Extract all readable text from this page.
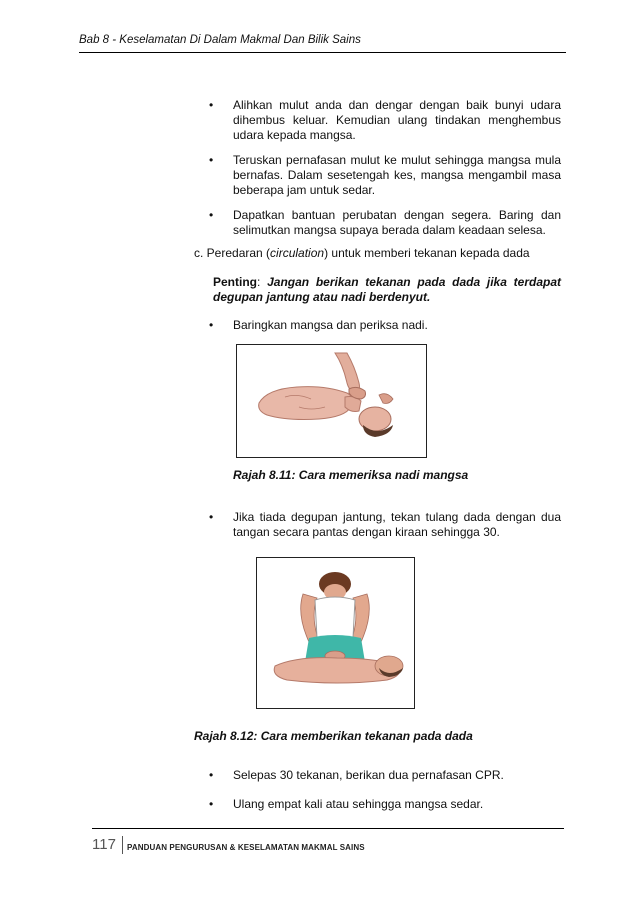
Bab 8 - Keselamatan Di Dalam Makmal Dan Bilik Sains
• Alihkan mulut anda dan dengar dengan baik bunyi udara dihembus keluar. Kemudian ulang tindakan menghembus udara kepada mangsa.
• Teruskan pernafasan mulut ke mulut sehingga mangsa mula bernafas. Dalam sesetengah kes, mangsa mengambil masa beberapa jam untuk sedar.
• Dapatkan bantuan perubatan dengan segera. Baring dan selimutkan mangsa supaya berada dalam keadaan selesa.
c. Peredaran (circulation) untuk memberi tekanan kepada dada
Penting: Jangan berikan tekanan pada dada jika terdapat degupan jantung atau nadi berdenyut.
• Baringkan mangsa dan periksa nadi.
Rajah 8.11: Cara memeriksa nadi mangsa
• Jika tiada degupan jantung, tekan tulang dada dengan dua tangan secara pantas dengan kiraan sehingga 30.
Rajah 8.12: Cara memberikan tekanan pada dada
• Selepas 30 tekanan, berikan dua pernafasan CPR.
• Ulang empat kali atau sehingga mangsa sedar.
117 PANDUAN PENGURUSAN & KESELAMATAN MAKMAL SAINS
